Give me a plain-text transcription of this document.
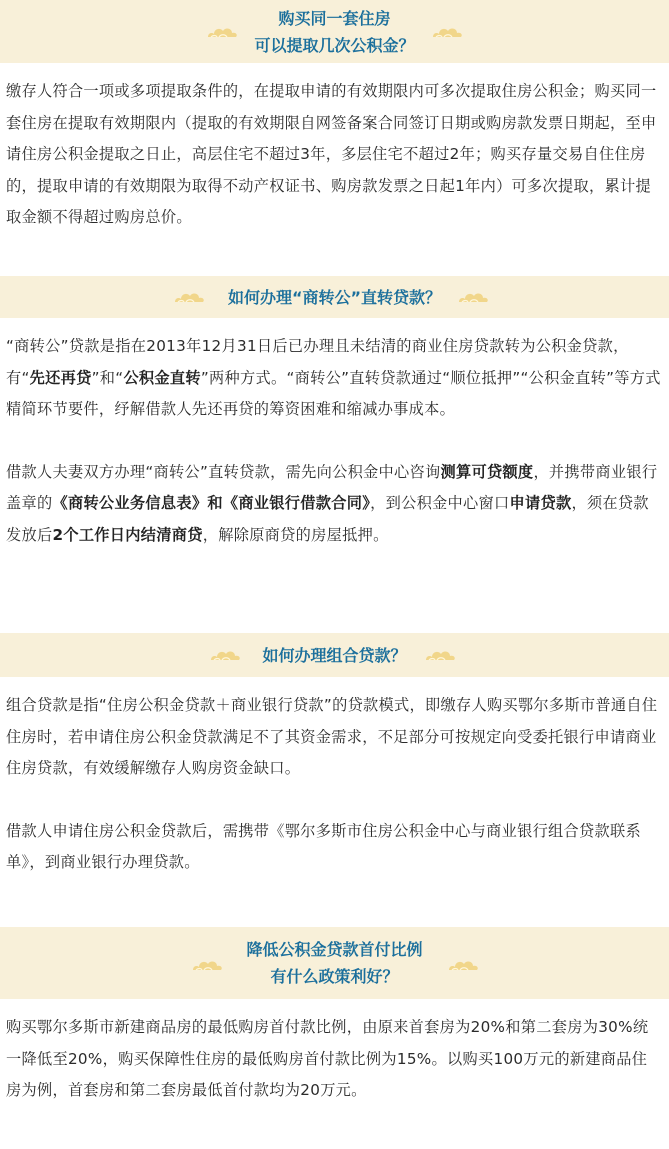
购买同一套住房
可以提取几次公积金？

缴存人符合一项或多项提取条件的，在提取申请的有效期限内可多次提取住房公积金；购买同一套住房在提取有效期限内（提取的有效期限自网签备案合同签订日期或购房款发票日期起，至申请住房公积金提取之日止，高层住宅不超过3年，多层住宅不超过2年；购买存量交易自住住房的，提取申请的有效期限为取得不动产权证书、购房款发票之日起1年内）可多次提取，累计提取金额不得超过购房总价。

如何办理“商转公”直转贷款？

“商转公”贷款是指在2013年12月31日后已办理且未结清的商业住房贷款转为公积金贷款，有“先还再贷”和“公积金直转”两种方式。“商转公”直转贷款通过“顺位抵押”“公积金直转”等方式精简环节要件，纾解借款人先还再贷的筹资困难和缩减办事成本。

借款人夫妻双方办理“商转公”直转贷款，需先向公积金中心咨询测算可贷额度，并携带商业银行盖章的《商转公业务信息表》和《商业银行借款合同》，到公积金中心窗口申请贷款，须在贷款发放后2个工作日内结清商贷，解除原商贷的房屋抵押。

如何办理组合贷款？

组合贷款是指“住房公积金贷款＋商业银行贷款”的贷款模式，即缴存人购买鄂尔多斯市普通自住住房时，若申请住房公积金贷款满足不了其资金需求，不足部分可按规定向受委托银行申请商业住房贷款，有效缓解缴存人购房资金缺口。

借款人申请住房公积金贷款后，需携带《鄂尔多斯市住房公积金中心与商业银行组合贷款联系单》，到商业银行办理贷款。

降低公积金贷款首付比例
有什么政策利好？

购买鄂尔多斯市新建商品房的最低购房首付款比例，由原来首套房为20%和第二套房为30%统一降低至20%，购买保障性住房的最低购房首付款比例为15%。以购买100万元的新建商品住房为例，首套房和第二套房最低首付款均为20万元。
